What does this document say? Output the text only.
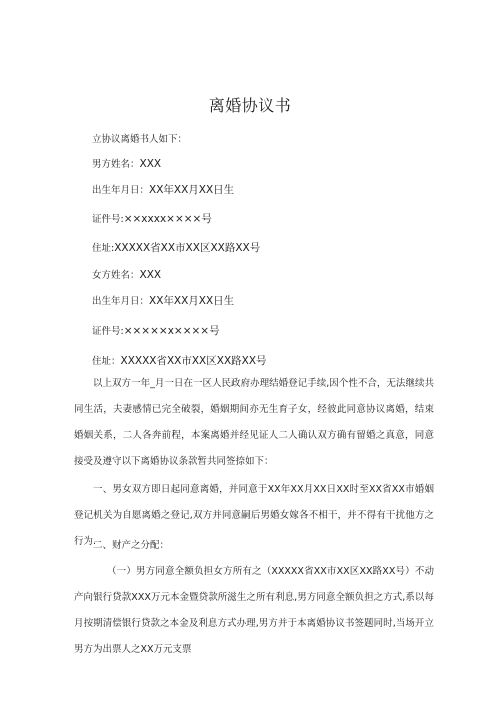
离婚协议书
立协议离婚书人如下：
男方姓名：XXX
出生年月日：XX年XX月XX日生
证件号:××xxxx××××号
住址:XXXXX省XX市XX区XX路XX号
女方姓名：XXX
出生年月日：XX年XX月XX日生
证件号:×××××x××××号
住址：XXXXX省XX市XX区XX路XX号
以上双方一年_月一日在一区人民政府办理结婚登记手续,因个性不合，无法继续共同生活，夫妻感情已完全破裂，婚姻期间亦无生育子女，经彼此同意协议离婚，结束婚姻关系，二人各奔前程，本案离婚并经见证人二人确认双方确有留婚之真意，同意接受及遵守以下离婚协议条款暂共同签捺如下：
一、男女双方即日起同意离婚，并同意于XX年XX月XX日XX时至XX省XX市婚姻登记机关为自愿离婚之登记,双方并同意嗣后男婚女嫁各不相干，并不得有干扰他方之行为.
二、财产之分配：
（一）男方同意全额负担女方所有之（XXXXX省XX市XX区XX路XX号）不动产向银行贷款XXX万元本金暨贷款所滋生之所有利息,男方同意全额负担之方式,系以每月按期清偿银行贷款之本金及利息方式办理,男方并于本离婚协议书签题同时,当场开立男方为出票人之XX万元支票
